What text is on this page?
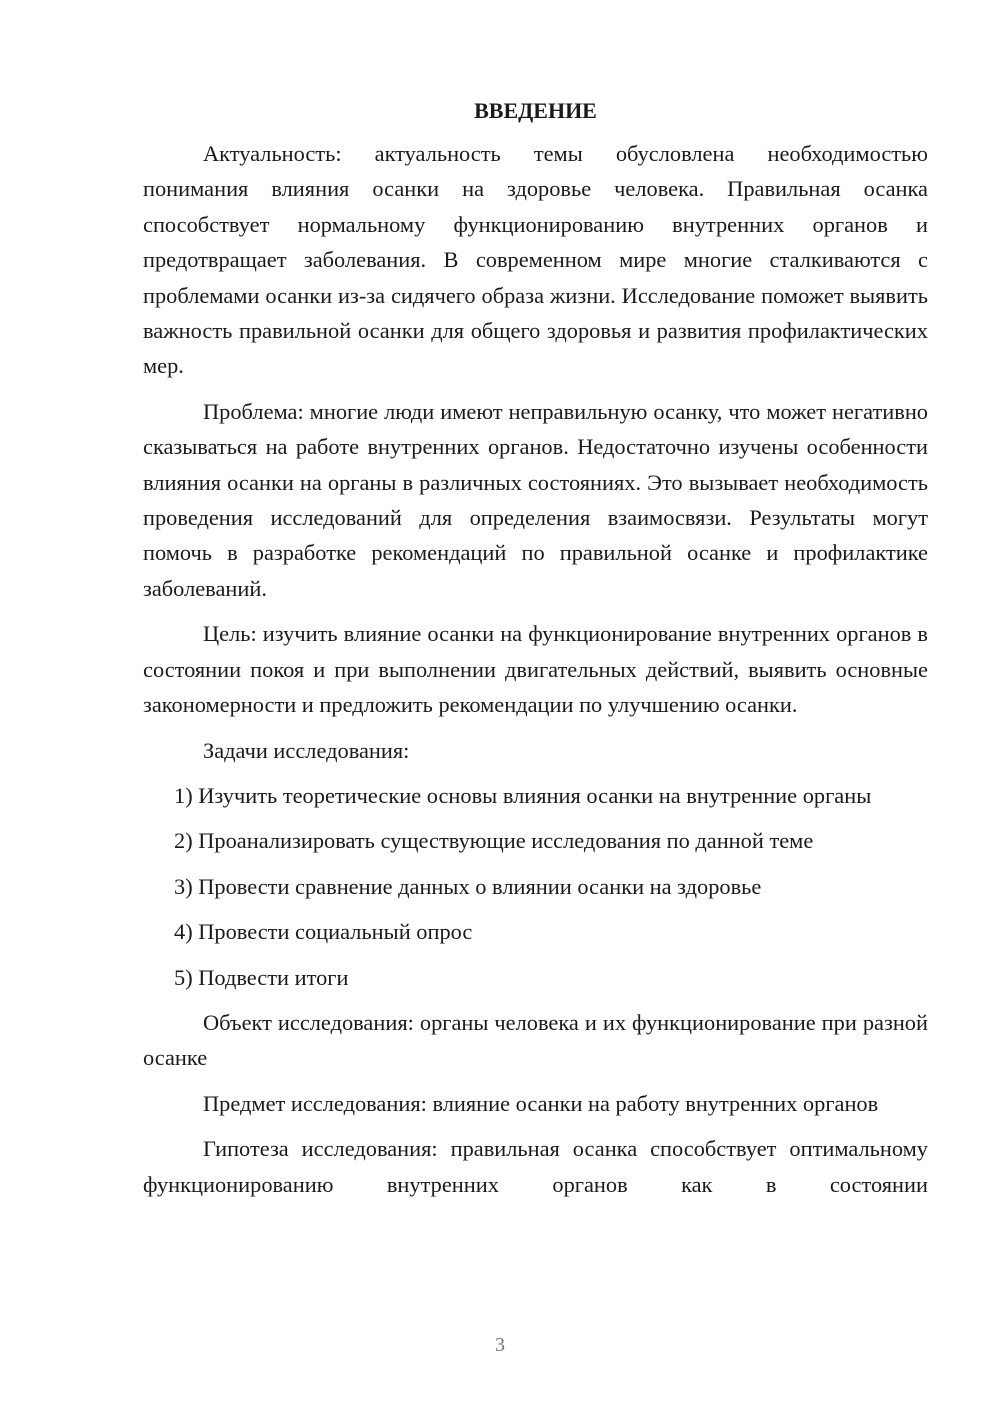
ВВЕДЕНИЕ

Актуальность: актуальность темы обусловлена необходимостью понимания влияния осанки на здоровье человека. Правильная осанка способствует нормальному функционированию внутренних органов и предотвращает заболевания. В современном мире многие сталкиваются с проблемами осанки из-за сидячего образа жизни. Исследование поможет выявить важность правильной осанки для общего здоровья и развития профилактических мер.

Проблема: многие люди имеют неправильную осанку, что может негативно сказываться на работе внутренних органов. Недостаточно изучены особенности влияния осанки на органы в различных состояниях. Это вызывает необходимость проведения исследований для определения взаимосвязи. Результаты могут помочь в разработке рекомендаций по правильной осанке и профилактике заболеваний.

Цель: изучить влияние осанки на функционирование внутренних органов в состоянии покоя и при выполнении двигательных действий, выявить основные закономерности и предложить рекомендации по улучшению осанки.

Задачи исследования:

1) Изучить теоретические основы влияния осанки на внутренние органы

2) Проанализировать существующие исследования по данной теме

3) Провести сравнение данных о влиянии осанки на здоровье

4) Провести социальный опрос

5) Подвести итоги

Объект исследования: органы человека и их функционирование при разной осанке

Предмет исследования: влияние осанки на работу внутренних органов

Гипотеза исследования: правильная осанка способствует оптимальному функционированию внутренних органов как в состоянии

3
